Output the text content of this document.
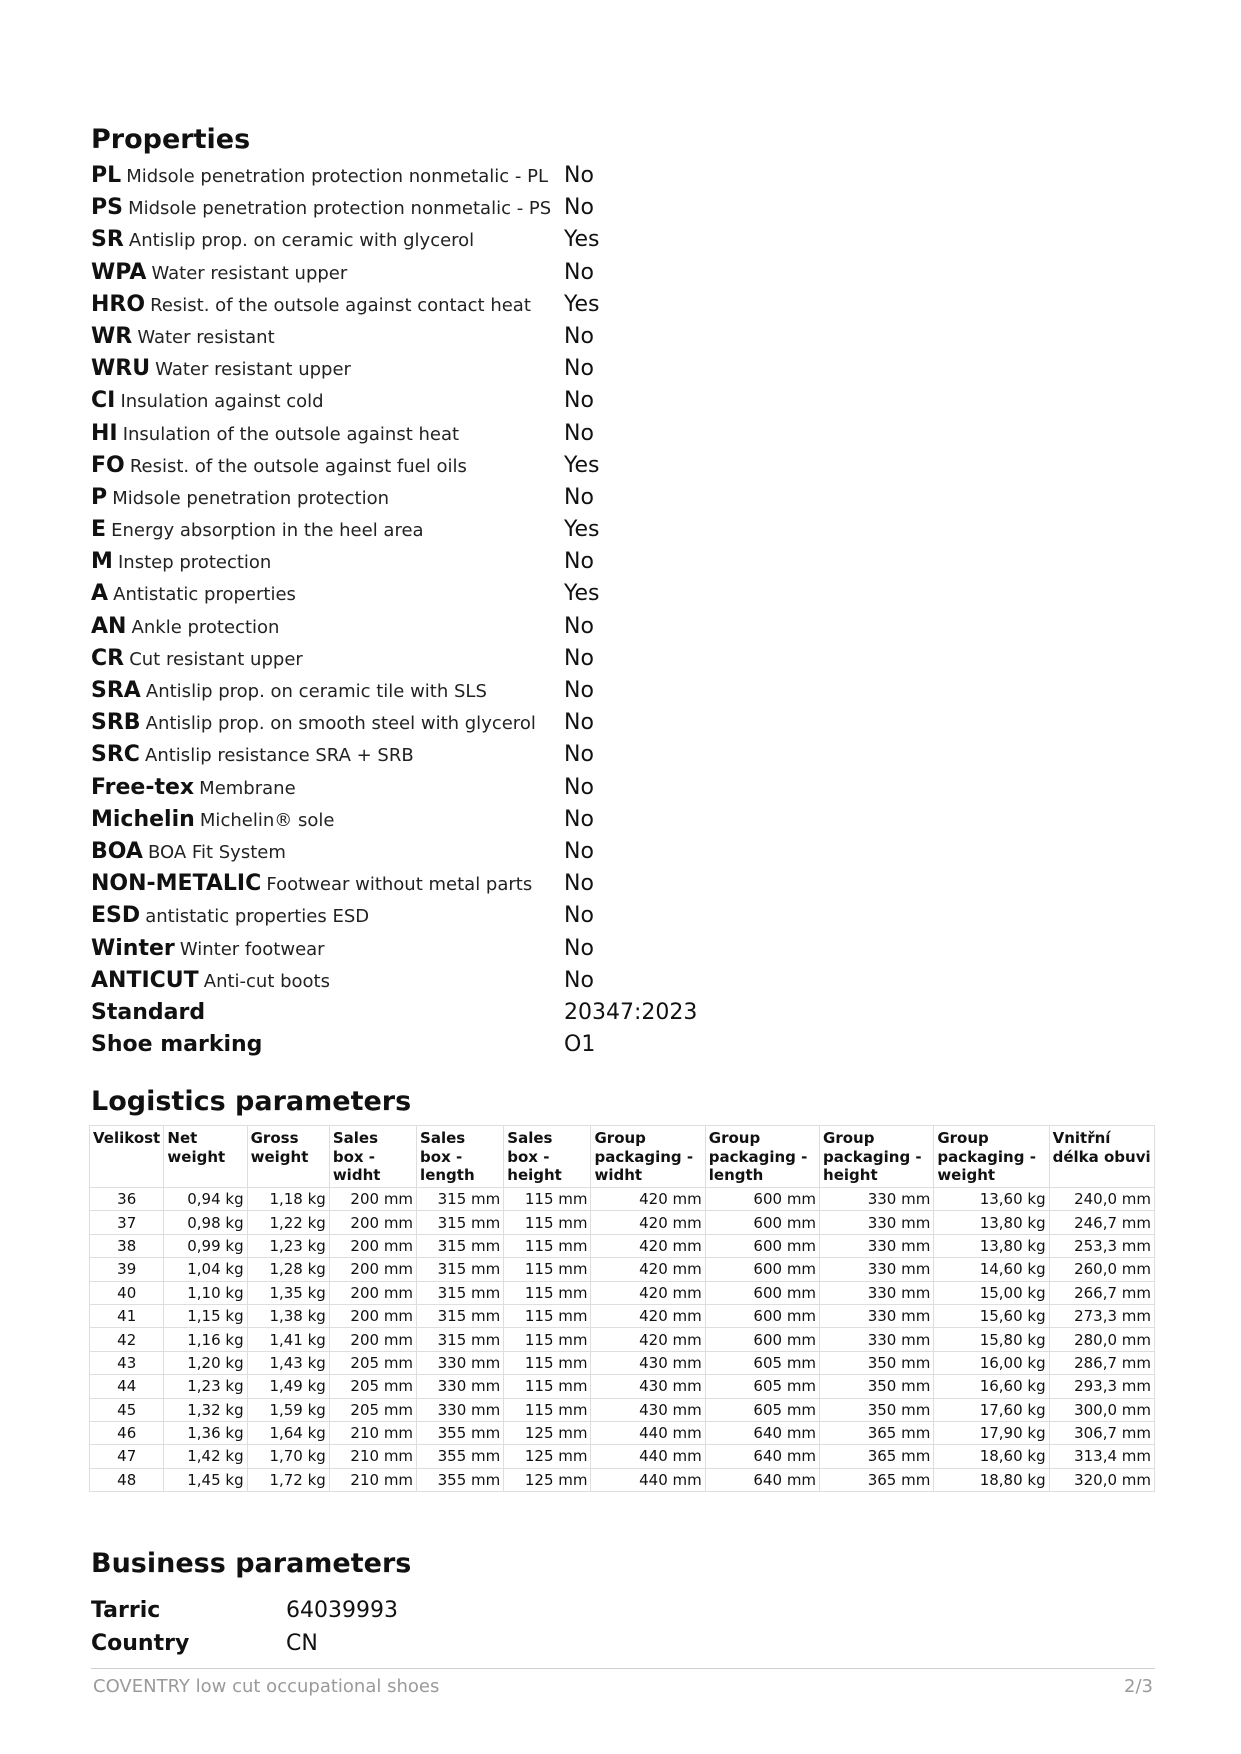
Properties
PL Midsole penetration protection nonmetalic - PL No
PS Midsole penetration protection nonmetalic - PS No
SR Antislip prop. on ceramic with glycerol	Yes
WPA Water resistant upper	No
HRO Resist. of the outsole against contact heat Yes
WR Water resistant	No
WRU Water resistant upper	No
CI Insulation against cold	No
HI Insulation of the outsole against heat	No
FO Resist. of the outsole against fuel oils	Yes
P Midsole penetration protection	No
E Energy absorption in the heel area	Yes
M Instep protection	No
A Antistatic properties	Yes
AN Ankle protection	No
CR Cut resistant upper	No
SRA Antislip prop. on ceramic tile with SLS	No
SRB Antislip prop. on smooth steel with glycerol No
SRC Antislip resistance SRA + SRB	No
Free-tex Membrane	No
Michelin Michelin® sole	No
BOA BOA Fit System	No
NON-METALIC Footwear without metal parts No
ESD antistatic properties ESD	No
Winter Winter footwear	No
ANTICUT Anti-cut boots	No
Standard	20347:2023
Shoe marking	O1
Logistics parameters
Velikost	Net weight	Gross weight	Sales box - widht	Sales box - length	Sales box - height	Group packaging - widht	Group packaging - length	Group packaging - height	Group packaging - weight	Vnitřní délka obuvi
36	0,94 kg	1,18 kg	200 mm	315 mm	115 mm	420 mm	600 mm	330 mm	13,60 kg	240,0 mm
37	0,98 kg	1,22 kg	200 mm	315 mm	115 mm	420 mm	600 mm	330 mm	13,80 kg	246,7 mm
38	0,99 kg	1,23 kg	200 mm	315 mm	115 mm	420 mm	600 mm	330 mm	13,80 kg	253,3 mm
39	1,04 kg	1,28 kg	200 mm	315 mm	115 mm	420 mm	600 mm	330 mm	14,60 kg	260,0 mm
40	1,10 kg	1,35 kg	200 mm	315 mm	115 mm	420 mm	600 mm	330 mm	15,00 kg	266,7 mm
41	1,15 kg	1,38 kg	200 mm	315 mm	115 mm	420 mm	600 mm	330 mm	15,60 kg	273,3 mm
42	1,16 kg	1,41 kg	200 mm	315 mm	115 mm	420 mm	600 mm	330 mm	15,80 kg	280,0 mm
43	1,20 kg	1,43 kg	205 mm	330 mm	115 mm	430 mm	605 mm	350 mm	16,00 kg	286,7 mm
44	1,23 kg	1,49 kg	205 mm	330 mm	115 mm	430 mm	605 mm	350 mm	16,60 kg	293,3 mm
45	1,32 kg	1,59 kg	205 mm	330 mm	115 mm	430 mm	605 mm	350 mm	17,60 kg	300,0 mm
46	1,36 kg	1,64 kg	210 mm	355 mm	125 mm	440 mm	640 mm	365 mm	17,90 kg	306,7 mm
47	1,42 kg	1,70 kg	210 mm	355 mm	125 mm	440 mm	640 mm	365 mm	18,60 kg	313,4 mm
48	1,45 kg	1,72 kg	210 mm	355 mm	125 mm	440 mm	640 mm	365 mm	18,80 kg	320,0 mm
Business parameters
Tarric	64039993
Country	CN
COVENTRY low cut occupational shoes	2/3
